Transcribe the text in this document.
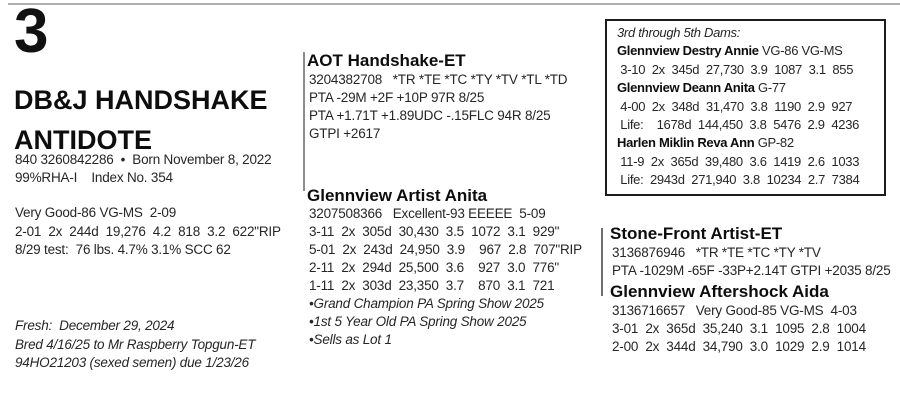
3
DB&J HANDSHAKE
ANTIDOTE
840 3260842286  •  Born November 8, 2022
99%RHA-I    Index No. 354
Very Good-86 VG-MS  2-09
2-01  2x  244d  19,276  4.2  818  3.2  622"RIP
8/29 test:  76 lbs. 4.7% 3.1% SCC 62
Fresh:  December 29, 2024
Bred 4/16/25 to Mr Raspberry Topgun-ET
94HO21203 (sexed semen) due 1/23/26
AOT Handshake-ET
3204382708   *TR *TE *TC *TY *TV *TL *TD
PTA -29M +2F +10P 97R 8/25
PTA +1.71T +1.89UDC -.15FLC 94R 8/25
GTPI +2617
Glennview Artist Anita
3207508366   Excellent-93 EEEEE  5-09
3-11  2x  305d  30,430  3.5  1072  3.1  929"
5-01  2x  243d  24,950  3.9    967  2.8  707"RIP
2-11  2x  294d  25,500  3.6    927  3.0  776"
1-11  2x  303d  23,350  3.7    870  3.1  721
•Grand Champion PA Spring Show 2025
•1st 5 Year Old PA Spring Show 2025
•Sells as Lot 1
3rd through 5th Dams:
Glennview Destry Annie VG-86 VG-MS
3-10  2x  345d  27,730  3.9  1087  3.1  855
Glennview Deann Anita G-77
4-00  2x  348d  31,470  3.8  1190  2.9  927
Life:    1678d  144,450  3.8  5476  2.9  4236
Harlen Miklin Reva Ann GP-82
11-9  2x  365d  39,480  3.6  1419  2.6  1033
Life:  2943d  271,940  3.8  10234  2.7  7384
Stone-Front Artist-ET
3136876946   *TR *TE *TC *TY *TV
PTA -1029M -65F -33P+2.14T GTPI +2035 8/25
Glennview Aftershock Aida
3136716657   Very Good-85 VG-MS  4-03
3-01  2x  365d  35,240  3.1  1095  2.8  1004
2-00  2x  344d  34,790  3.0  1029  2.9  1014
